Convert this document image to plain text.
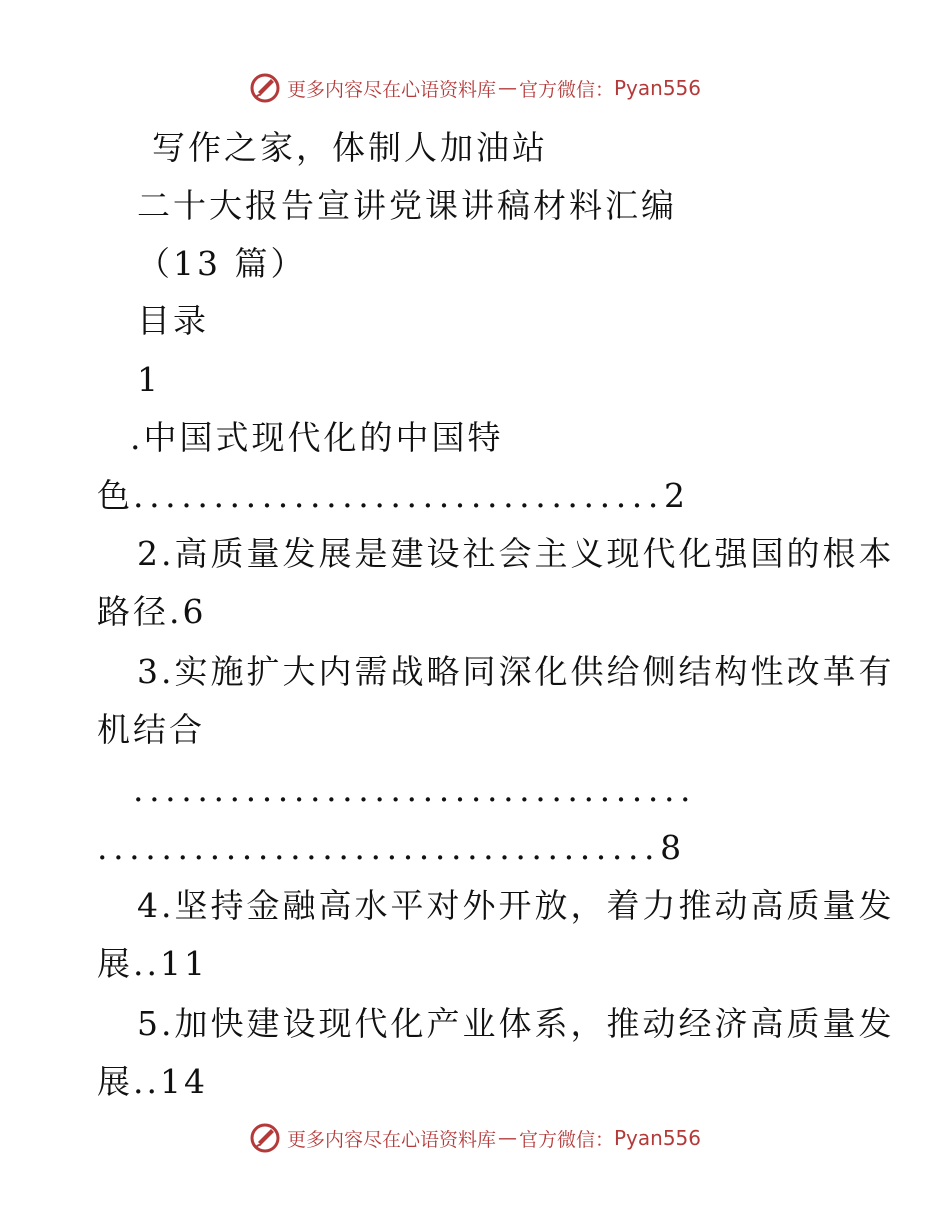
更多内容尽在心语资料库 — 官方微信： Pyan556
写作之家，体制人加油站
二十大报告宣讲党课讲稿材料汇编
（13 篇）
目录
1
.中国式现代化的中国特
色.................................2
2.高质量发展是建设社会主义现代化强国的根本
路径.6
3.实施扩大内需战略同深化供给侧结构性改革有
机结合
...................................
...................................8
4.坚持金融高水平对外开放，着力推动高质量发
展..11
5.加快建设现代化产业体系，推动经济高质量发
展..14
更多内容尽在心语资料库 — 官方微信： Pyan556
